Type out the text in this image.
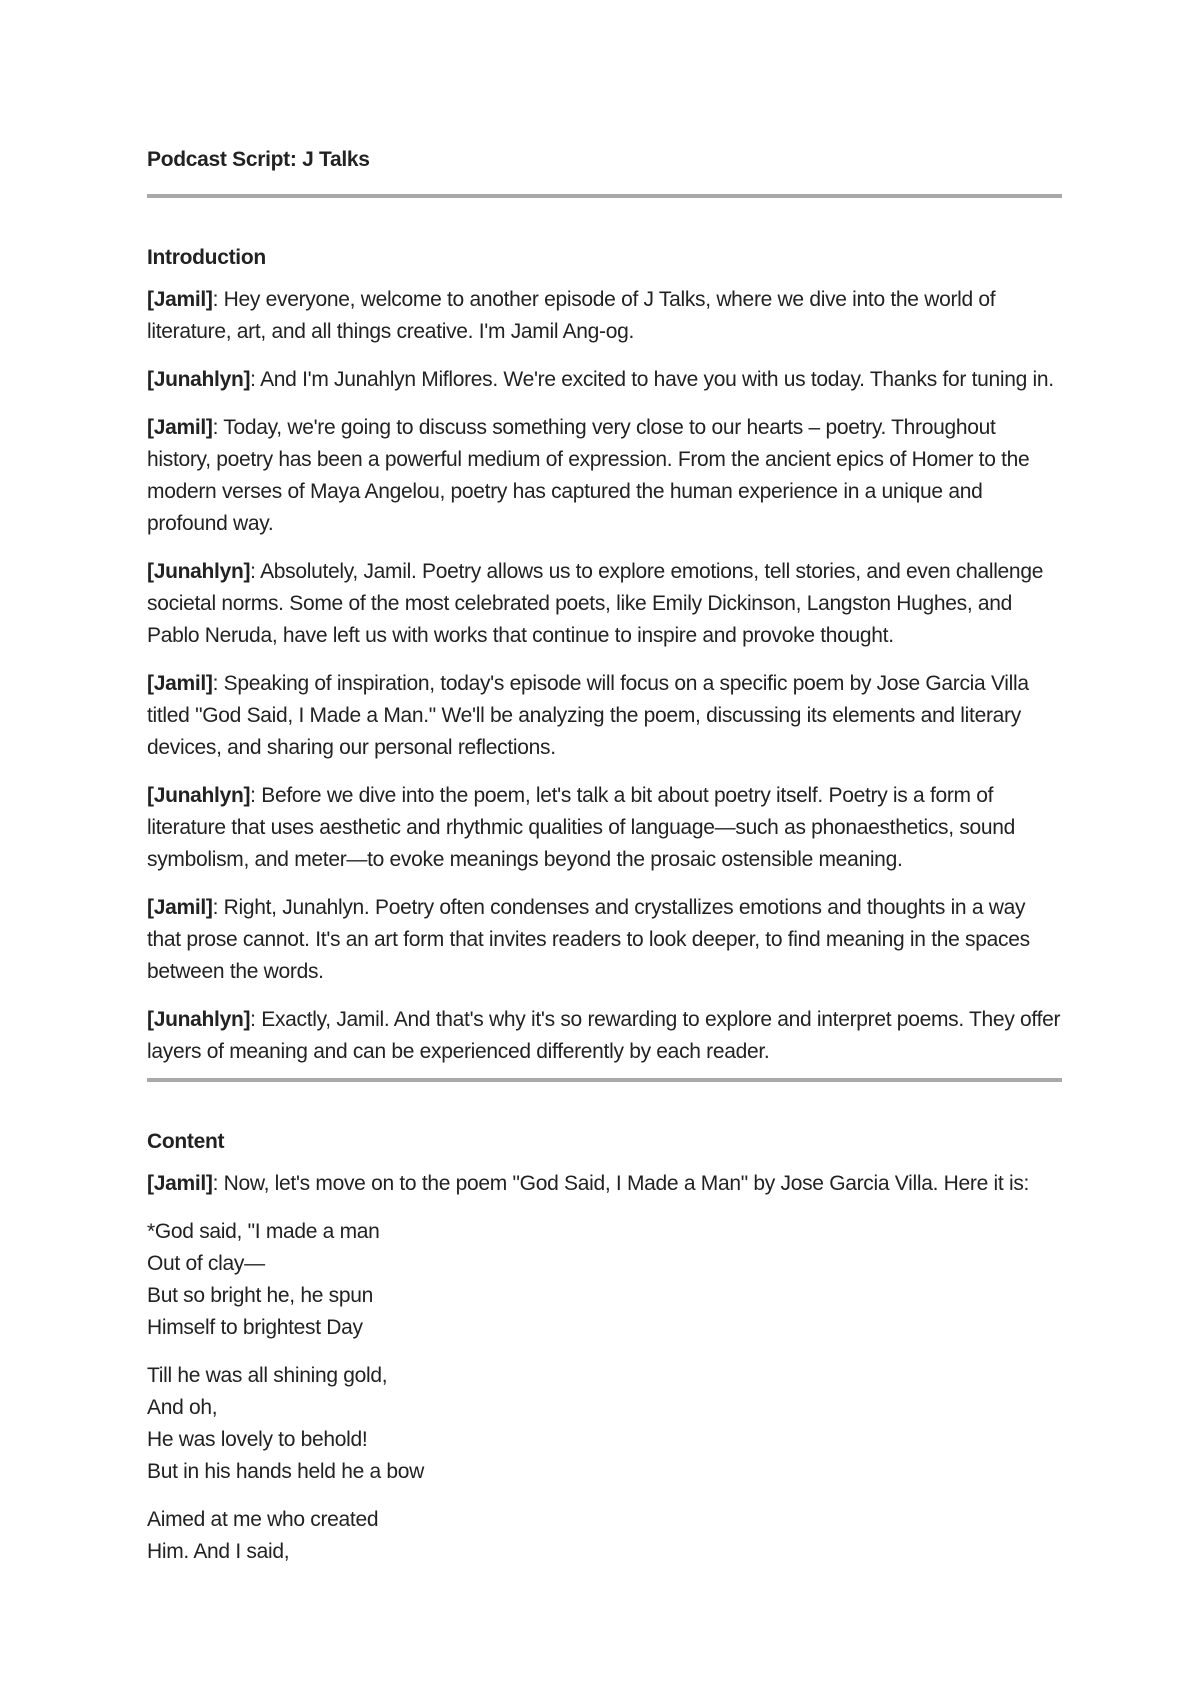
Podcast Script: J Talks
Introduction

[Jamil]: Hey everyone, welcome to another episode of J Talks, where we dive into the world of literature, art, and all things creative. I'm Jamil Ang-og.

[Junahlyn]: And I'm Junahlyn Miflores. We're excited to have you with us today. Thanks for tuning in.

[Jamil]: Today, we're going to discuss something very close to our hearts – poetry. Throughout history, poetry has been a powerful medium of expression. From the ancient epics of Homer to the modern verses of Maya Angelou, poetry has captured the human experience in a unique and profound way.

[Junahlyn]: Absolutely, Jamil. Poetry allows us to explore emotions, tell stories, and even challenge societal norms. Some of the most celebrated poets, like Emily Dickinson, Langston Hughes, and Pablo Neruda, have left us with works that continue to inspire and provoke thought.

[Jamil]: Speaking of inspiration, today's episode will focus on a specific poem by Jose Garcia Villa titled "God Said, I Made a Man." We'll be analyzing the poem, discussing its elements and literary devices, and sharing our personal reflections.

[Junahlyn]: Before we dive into the poem, let's talk a bit about poetry itself. Poetry is a form of literature that uses aesthetic and rhythmic qualities of language—such as phonaesthetics, sound symbolism, and meter—to evoke meanings beyond the prosaic ostensible meaning.

[Jamil]: Right, Junahlyn. Poetry often condenses and crystallizes emotions and thoughts in a way that prose cannot. It's an art form that invites readers to look deeper, to find meaning in the spaces between the words.

[Junahlyn]: Exactly, Jamil. And that's why it's so rewarding to explore and interpret poems. They offer layers of meaning and can be experienced differently by each reader.

Content

[Jamil]: Now, let's move on to the poem "God Said, I Made a Man" by Jose Garcia Villa. Here it is:

*God said, "I made a man
Out of clay—
But so bright he, he spun
Himself to brightest Day
Till he was all shining gold,
And oh,
He was lovely to behold!
But in his hands held he a bow
Aimed at me who created
Him. And I said,
